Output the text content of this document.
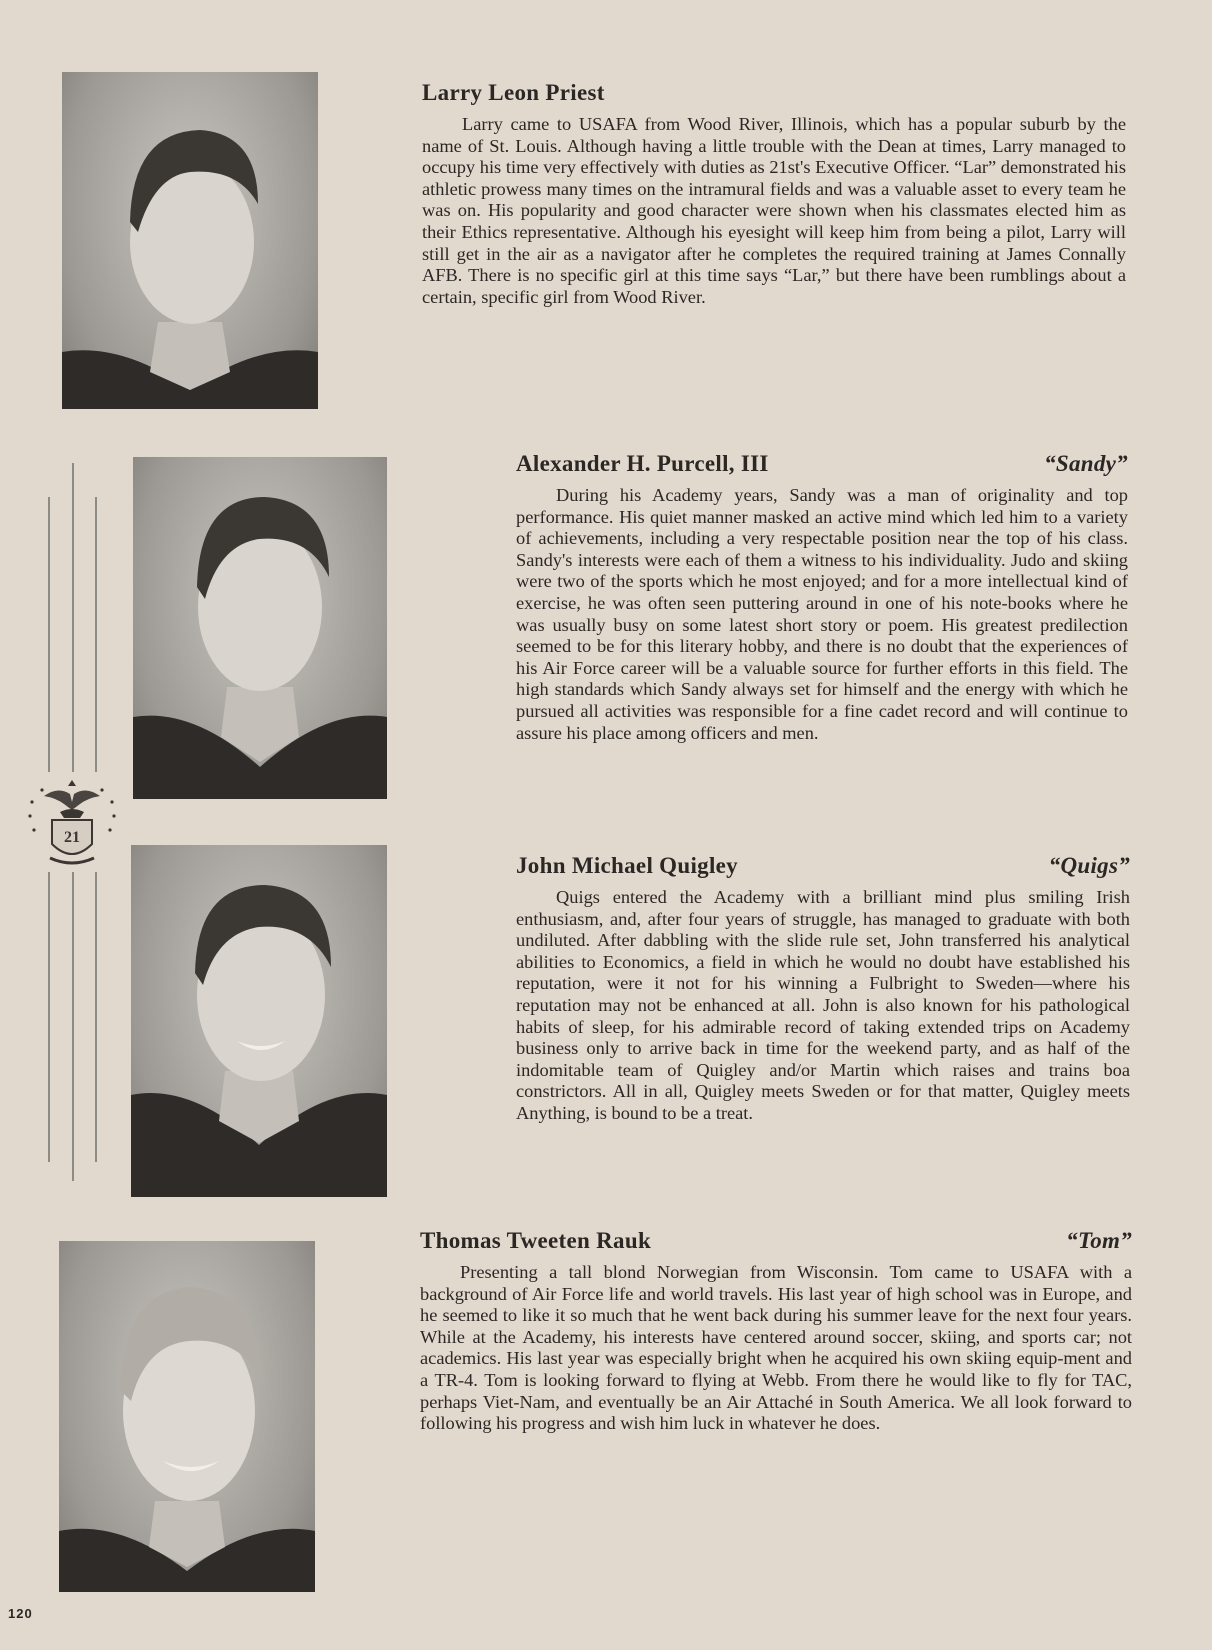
21
Larry Leon Priest

Larry came to USAFA from Wood River, Illinois, which has a popular suburb by the name of St. Louis. Although having a little trouble with the Dean at times, Larry managed to occupy his time very effectively with duties as 21st's Executive Officer. “Lar” demonstrated his athletic prowess many times on the intramural fields and was a valuable asset to every team he was on. His popularity and good character were shown when his classmates elected him as their Ethics representative. Although his eyesight will keep him from being a pilot, Larry will still get in the air as a navigator after he completes the required training at James Connally AFB. There is no specific girl at this time says “Lar,” but there have been rumblings about a certain, specific girl from Wood River.

Alexander H. Purcell, III	“Sandy”

During his Academy years, Sandy was a man of originality and top performance. His quiet manner masked an active mind which led him to a variety of achievements, including a very respectable position near the top of his class. Sandy's interests were each of them a witness to his individuality. Judo and skiing were two of the sports which he most enjoyed; and for a more intellectual kind of exercise, he was often seen puttering around in one of his note-books where he was usually busy on some latest short story or poem. His greatest predilection seemed to be for this literary hobby, and there is no doubt that the experiences of his Air Force career will be a valuable source for further efforts in this field. The high standards which Sandy always set for himself and the energy with which he pursued all activities was responsible for a fine cadet record and will continue to assure his place among officers and men.

John Michael Quigley	“Quigs”

Quigs entered the Academy with a brilliant mind plus smiling Irish enthusiasm, and, after four years of struggle, has managed to graduate with both undiluted. After dabbling with the slide rule set, John transferred his analytical abilities to Economics, a field in which he would no doubt have established his reputation, were it not for his winning a Fulbright to Sweden—where his reputation may not be enhanced at all. John is also known for his pathological habits of sleep, for his admirable record of taking extended trips on Academy business only to arrive back in time for the weekend party, and as half of the indomitable team of Quigley and/or Martin which raises and trains boa constrictors. All in all, Quigley meets Sweden or for that matter, Quigley meets Anything, is bound to be a treat.

Thomas Tweeten Rauk	“Tom”

Presenting a tall blond Norwegian from Wisconsin. Tom came to USAFA with a background of Air Force life and world travels. His last year of high school was in Europe, and he seemed to like it so much that he went back during his summer leave for the next four years. While at the Academy, his interests have centered around soccer, skiing, and sports car; not academics. His last year was especially bright when he acquired his own skiing equip-ment and a TR-4. Tom is looking forward to flying at Webb. From there he would like to fly for TAC, perhaps Viet-Nam, and eventually be an Air Attaché in South America. We all look forward to following his progress and wish him luck in whatever he does.

120
